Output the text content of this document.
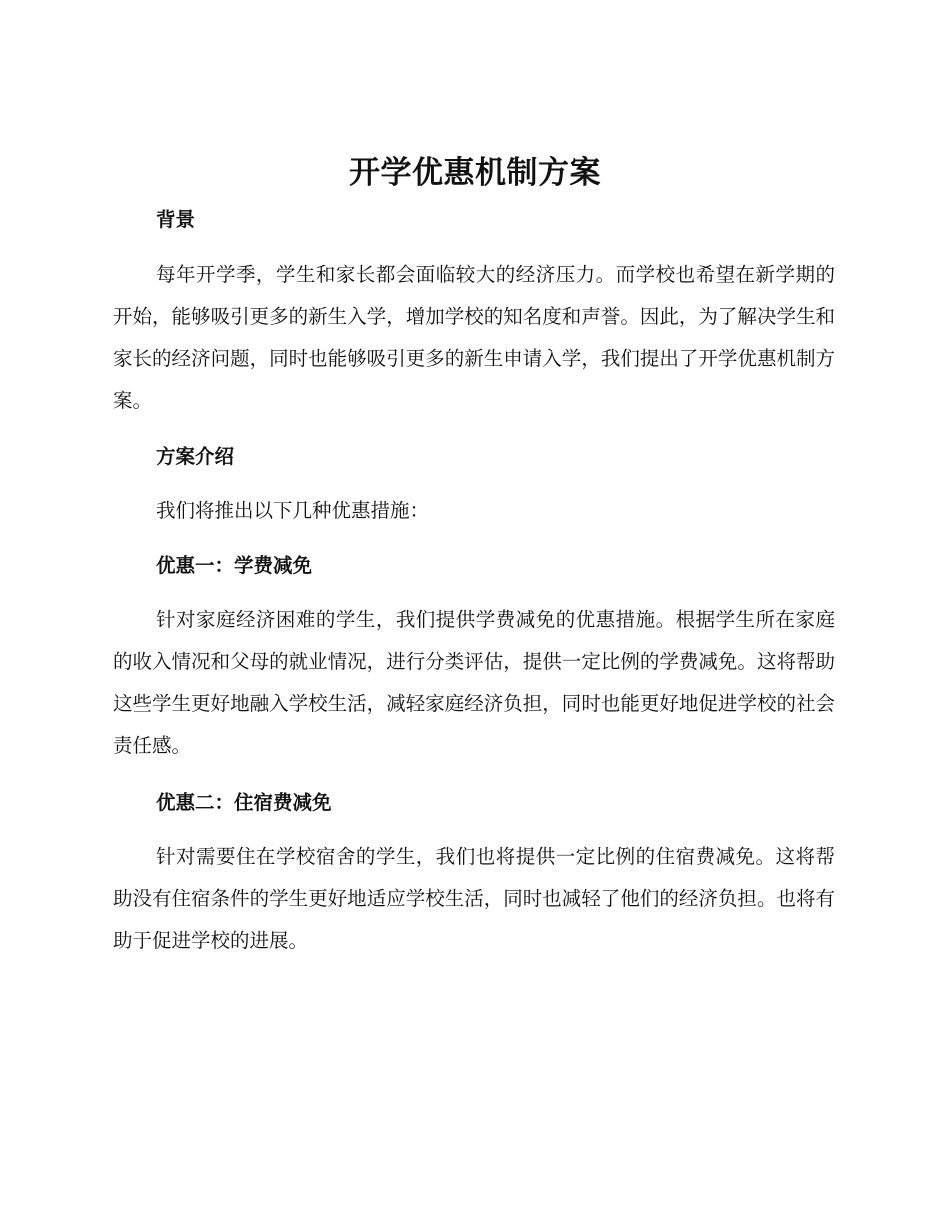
开学优惠机制方案
背景

每年开学季，学生和家长都会面临较大的经济压力。而学校也希望在新学期的开始，能够吸引更多的新生入学，增加学校的知名度和声誉。因此，为了解决学生和家长的经济问题，同时也能够吸引更多的新生申请入学，我们提出了开学优惠机制方案。

方案介绍

我们将推出以下几种优惠措施：

优惠一：学费减免

针对家庭经济困难的学生，我们提供学费减免的优惠措施。根据学生所在家庭的收入情况和父母的就业情况，进行分类评估，提供一定比例的学费减免。这将帮助这些学生更好地融入学校生活，减轻家庭经济负担，同时也能更好地促进学校的社会责任感。

优惠二：住宿费减免

针对需要住在学校宿舍的学生，我们也将提供一定比例的住宿费减免。这将帮助没有住宿条件的学生更好地适应学校生活，同时也减轻了他们的经济负担。也将有助于促进学校的进展。
